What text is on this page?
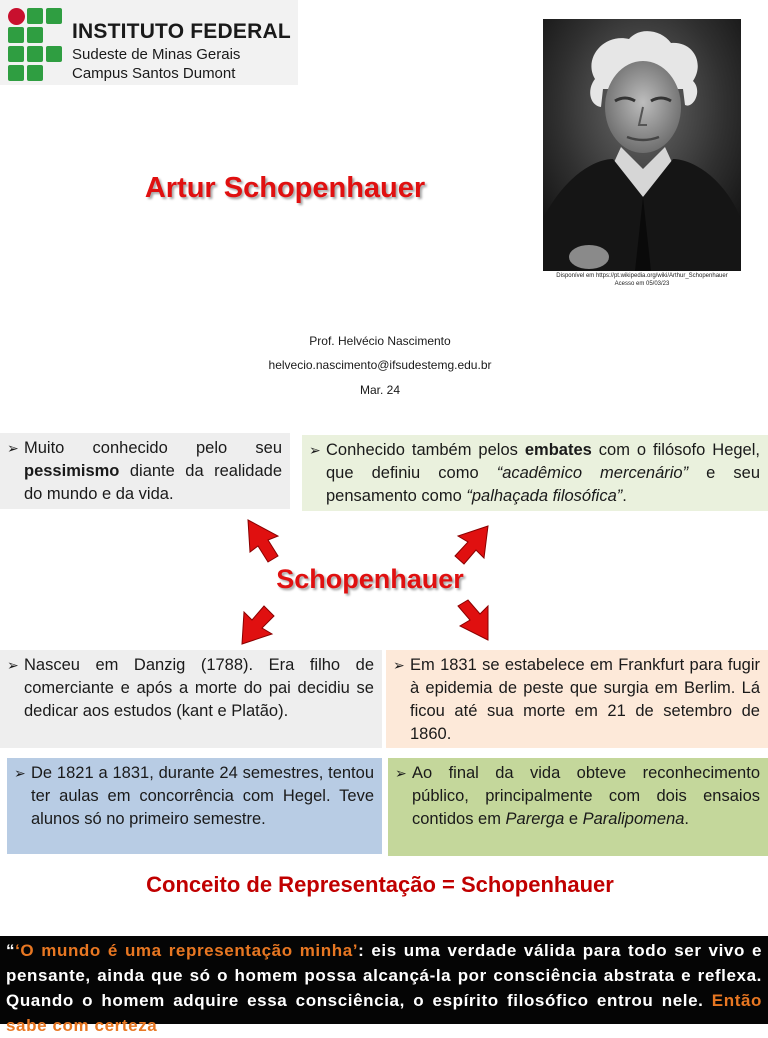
INSTITUTO FEDERAL
Sudeste de Minas Gerais
Campus Santos Dumont
Disponível em https://pt.wikipedia.org/wiki/Arthur_Schopenhauer
Acesso em 05/03/23
Artur Schopenhauer
Prof. Helvécio Nascimento
helvecio.nascimento@ifsudestemg.edu.br
Mar. 24
➢ Muito conhecido pelo seu pessimismo diante da realidade do mundo e da vida.
➢ Conhecido também pelos embates com o filósofo Hegel, que definiu como “acadêmico mercenário” e seu pensamento como “palhaçada filosófica”.
Schopenhauer
➢ Nasceu em Danzig (1788). Era filho de comerciante e após a morte do pai decidiu se dedicar aos estudos (kant e Platão).
➢ Em 1831 se estabelece em Frankfurt para fugir à epidemia de peste que surgia em Berlim. Lá ficou até sua morte em 21 de setembro de 1860.
➢ De 1821 a 1831, durante 24 semestres, tentou ter aulas em concorrência com Hegel. Teve alunos só no primeiro semestre.
➢ Ao final da vida obteve reconhecimento público, principalmente com dois ensaios contidos em Parerga e Paralipomena.
Conceito de Representação = Schopenhauer
“‘O mundo é uma representação minha’: eis uma verdade válida para todo ser vivo e pensante, ainda que só o homem possa alcançá-la por consciência abstrata e reflexa. Quando o homem adquire essa consciência, o espírito filosófico entrou nele. Então sabe com certeza
